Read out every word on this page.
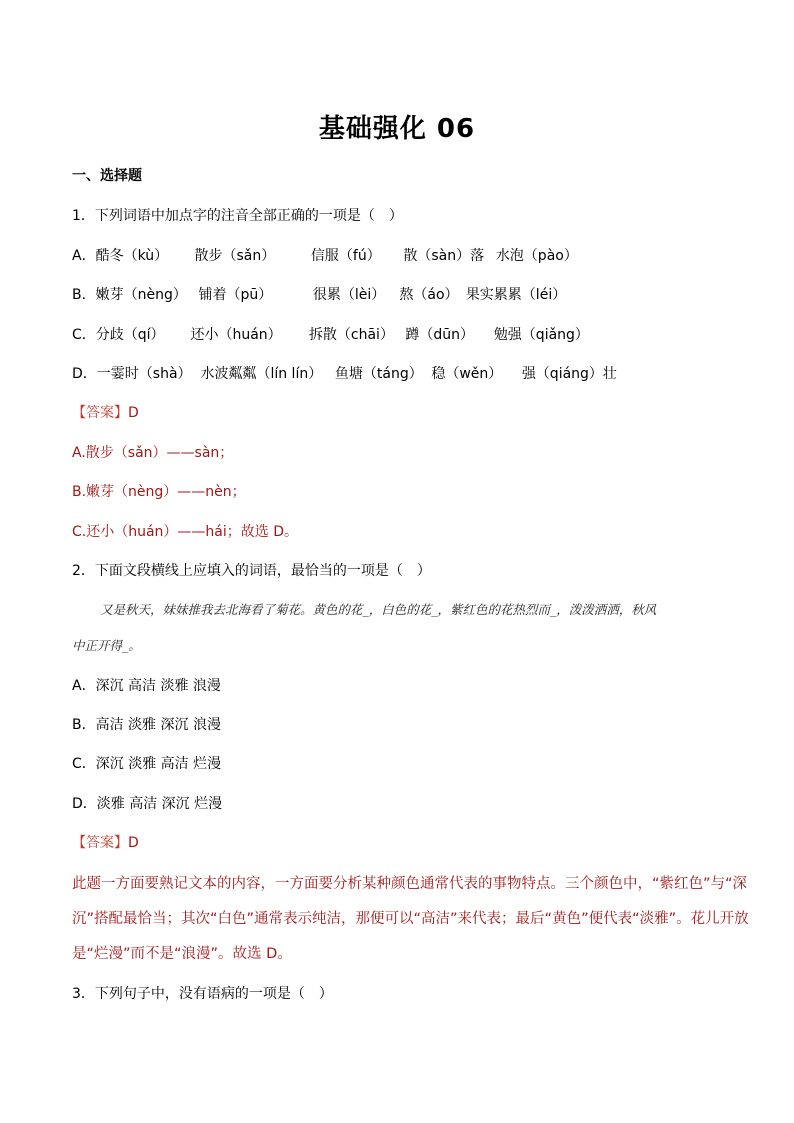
基础强化 06
一、选择题
1．下列词语中加点字的注音全部正确的一项是（　）
A．酷冬（kù） 散步（sǎn）	信服（fú） 散（sàn）落 水泡（pào）
B．嫩芽（nèng） 铺着（pū）	很累（lèi） 熬（áo） 果实累累（léi）
C．分歧（qí） 还小（huán） 拆散（chāi） 蹲（dūn） 勉强（qiǎng）
D．一霎时（shà） 水波粼粼（lín lín） 鱼塘（táng） 稳（wěn） 强（qiáng）壮
【答案】D
A.散步（sǎn）——sàn；
B.嫩芽（nèng）——nèn；
C.还小（huán）——hái；故选 D。
2．下面文段横线上应填入的词语，最恰当的一项是（　）
又是秋天，妹妹推我去北海看了菊花。黄色的花_，白色的花_，紫红色的花热烈而_，泼泼洒洒，秋风
中正开得_。
A．深沉 高洁 淡雅 浪漫
B．高洁 淡雅 深沉 浪漫
C．深沉 淡雅 高洁 烂漫
D．淡雅 高洁 深沉 烂漫
【答案】D
此题一方面要熟记文本的内容，一方面要分析某种颜色通常代表的事物特点。三个颜色中，“紫红色”与“深
沉”搭配最恰当；其次“白色”通常表示纯洁，那便可以“高洁”来代表；最后“黄色”便代表“淡雅”。花儿开放
是“烂漫”而不是“浪漫”。故选 D。
3．下列句子中，没有语病的一项是（　）
